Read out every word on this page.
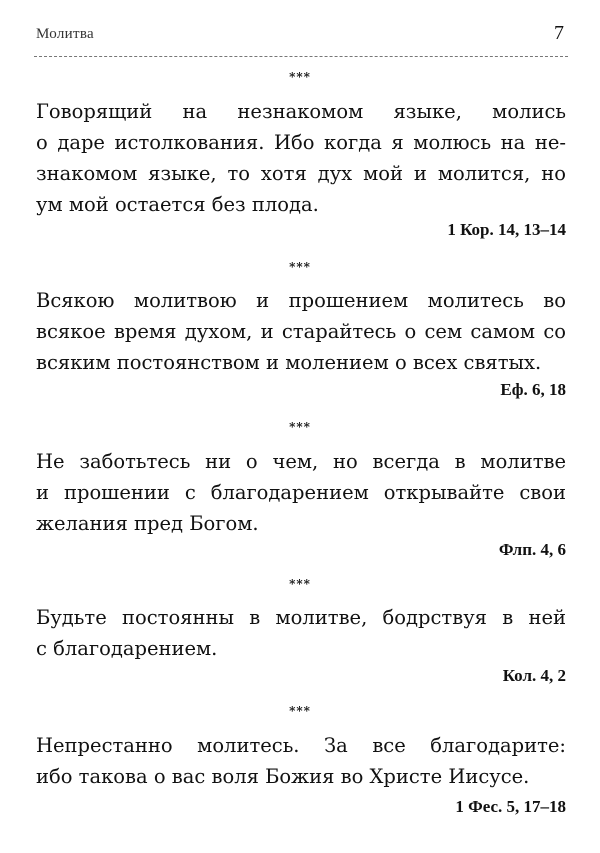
Молитва	7
***
Говорящий на незнакомом языке, молись
о даре истолкования. Ибо когда я молюсь на не-
знакомом языке, то хотя дух мой и молится, но
ум мой остается без плода.
1 Кор. 14, 13–14
***
Всякою молитвою и прошением молитесь во
всякое время духом, и старайтесь о сем самом со
всяким постоянством и молением о всех святых.
Еф. 6, 18
***
Не заботьтесь ни о чем, но всегда в молитве
и прошении с благодарением открывайте свои
желания пред Богом.
Флп. 4, 6
***
Будьте постоянны в молитве, бодрствуя в ней
с благодарением.
Кол. 4, 2
***
Непрестанно молитесь. За все благодарите:
ибо такова о вас воля Божия во Христе Иисусе.
1 Фес. 5, 17–18
